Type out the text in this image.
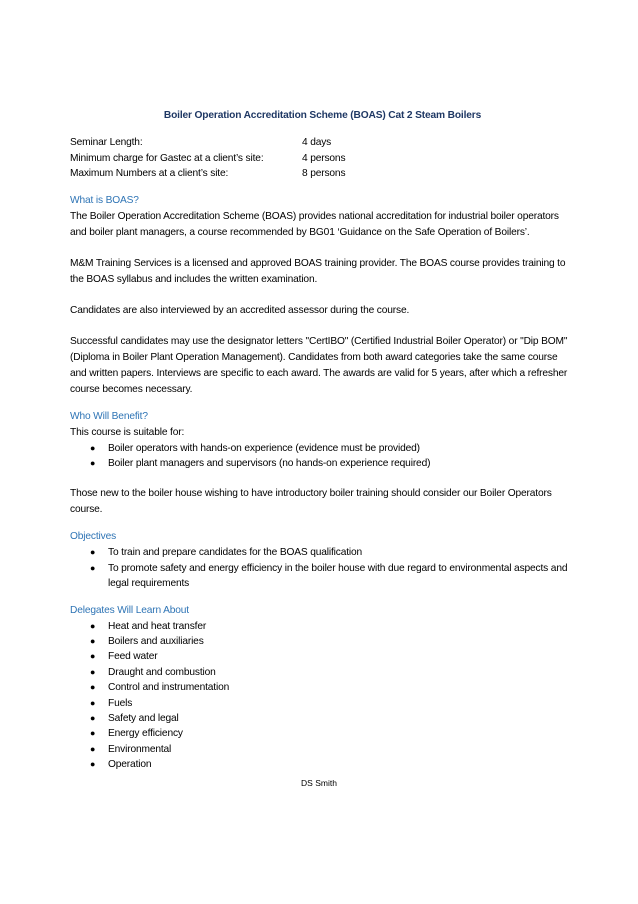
Boiler Operation Accreditation Scheme (BOAS) Cat 2 Steam Boilers
Seminar Length:	4 days
Minimum charge for Gastec at a client’s site:	4 persons
Maximum Numbers at a client’s site:	8 persons
What is BOAS?

The Boiler Operation Accreditation Scheme (BOAS) provides national accreditation for industrial boiler operators and boiler plant managers, a course recommended by BG01 ‘Guidance on the Safe Operation of Boilers’.

M&M Training Services is a licensed and approved BOAS training provider. The BOAS course provides training to the BOAS syllabus and includes the written examination.

Candidates are also interviewed by an accredited assessor during the course.

Successful candidates may use the designator letters "CertIBO" (Certified Industrial Boiler Operator) or "Dip BOM" (Diploma in Boiler Plant Operation Management). Candidates from both award categories take the same course and written papers. Interviews are specific to each award. The awards are valid for 5 years, after which a refresher course becomes necessary.

Who Will Benefit?
This course is suitable for:
● Boiler operators with hands-on experience (evidence must be provided)
● Boiler plant managers and supervisors (no hands-on experience required)

Those new to the boiler house wishing to have introductory boiler training should consider our Boiler Operators course.

Objectives
● To train and prepare candidates for the BOAS qualification
● To promote safety and energy efficiency in the boiler house with due regard to environmental aspects and legal requirements
Delegates Will Learn About
● Heat and heat transfer
● Boilers and auxiliaries
● Feed water
● Draught and combustion
● Control and instrumentation
● Fuels
● Safety and legal
● Energy efficiency
● Environmental
● Operation
DS Smith
